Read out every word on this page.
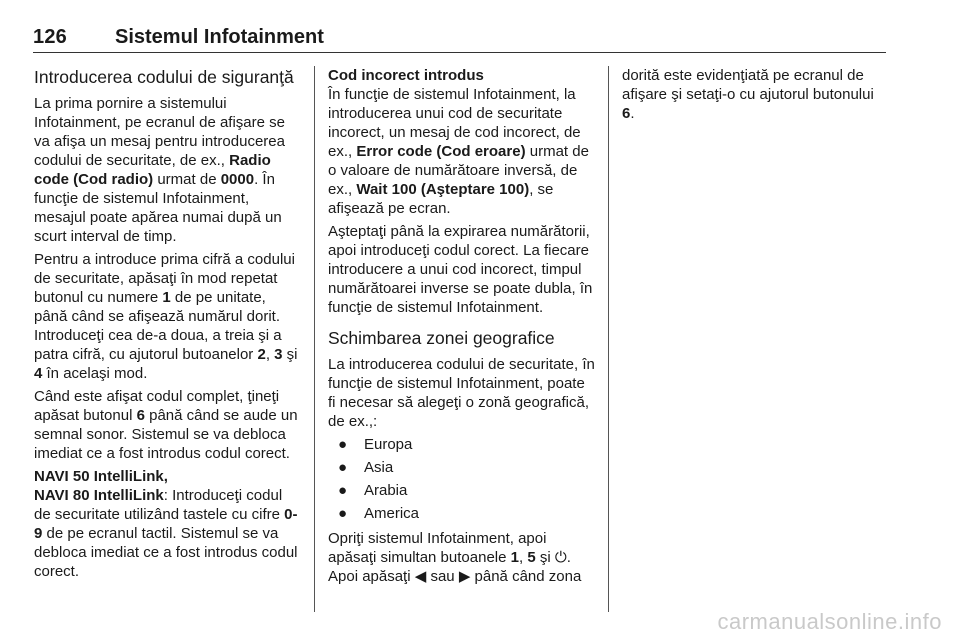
126 Sistemul Infotainment
Introducerea codului de siguranţă

La prima pornire a sistemului Infotainment, pe ecranul de afişare se va afişa un mesaj pentru introducerea codului de securitate, de ex., Radio code (Cod radio) urmat de 0000. În funcţie de sistemul Infotainment, mesajul poate apărea numai după un scurt interval de timp.

Pentru a introduce prima cifră a codului de securitate, apăsaţi în mod repetat butonul cu numere 1 de pe unitate, până când se afişează numărul dorit. Introduceţi cea de-a doua, a treia şi a patra cifră, cu ajutorul butoanelor 2, 3 şi 4 în acelaşi mod.

Când este afişat codul complet, ţineţi apăsat butonul 6 până când se aude un semnal sonor. Sistemul se va debloca imediat ce a fost introdus codul corect.

NAVI 50 IntelliLink,
NAVI 80 IntelliLink: Introduceţi codul de securitate utilizând tastele cu cifre 0-9 de pe ecranul tactil. Sistemul se va debloca imediat ce a fost introdus codul corect.

Cod incorect introdus

În funcţie de sistemul Infotainment, la introducerea unui cod de securitate incorect, un mesaj de cod incorect, de ex., Error code (Cod eroare) urmat de o valoare de numărătoare inversă, de ex., Wait 100 (Aşteptare 100), se afişează pe ecran.

Aşteptaţi până la expirarea numărătorii, apoi introduceţi codul corect. La fiecare introducere a unui cod incorect, timpul numărătoarei inverse se poate dubla, în funcţie de sistemul Infotainment.

Schimbarea zonei geografice

La introducerea codului de securitate, în funcţie de sistemul Infotainment, poate fi necesar să alegeţi o zonă geografică, de ex.,:

● Europa
● Asia
● Arabia
● America

Opriţi sistemul Infotainment, apoi apăsaţi simultan butoanele 1, 5 şi ⏻.
Apoi apăsaţi ◀ sau ▶ până când zona

dorită este evidenţiată pe ecranul de afişare şi setaţi-o cu ajutorul butonului 6.

carmanualsonline.info
